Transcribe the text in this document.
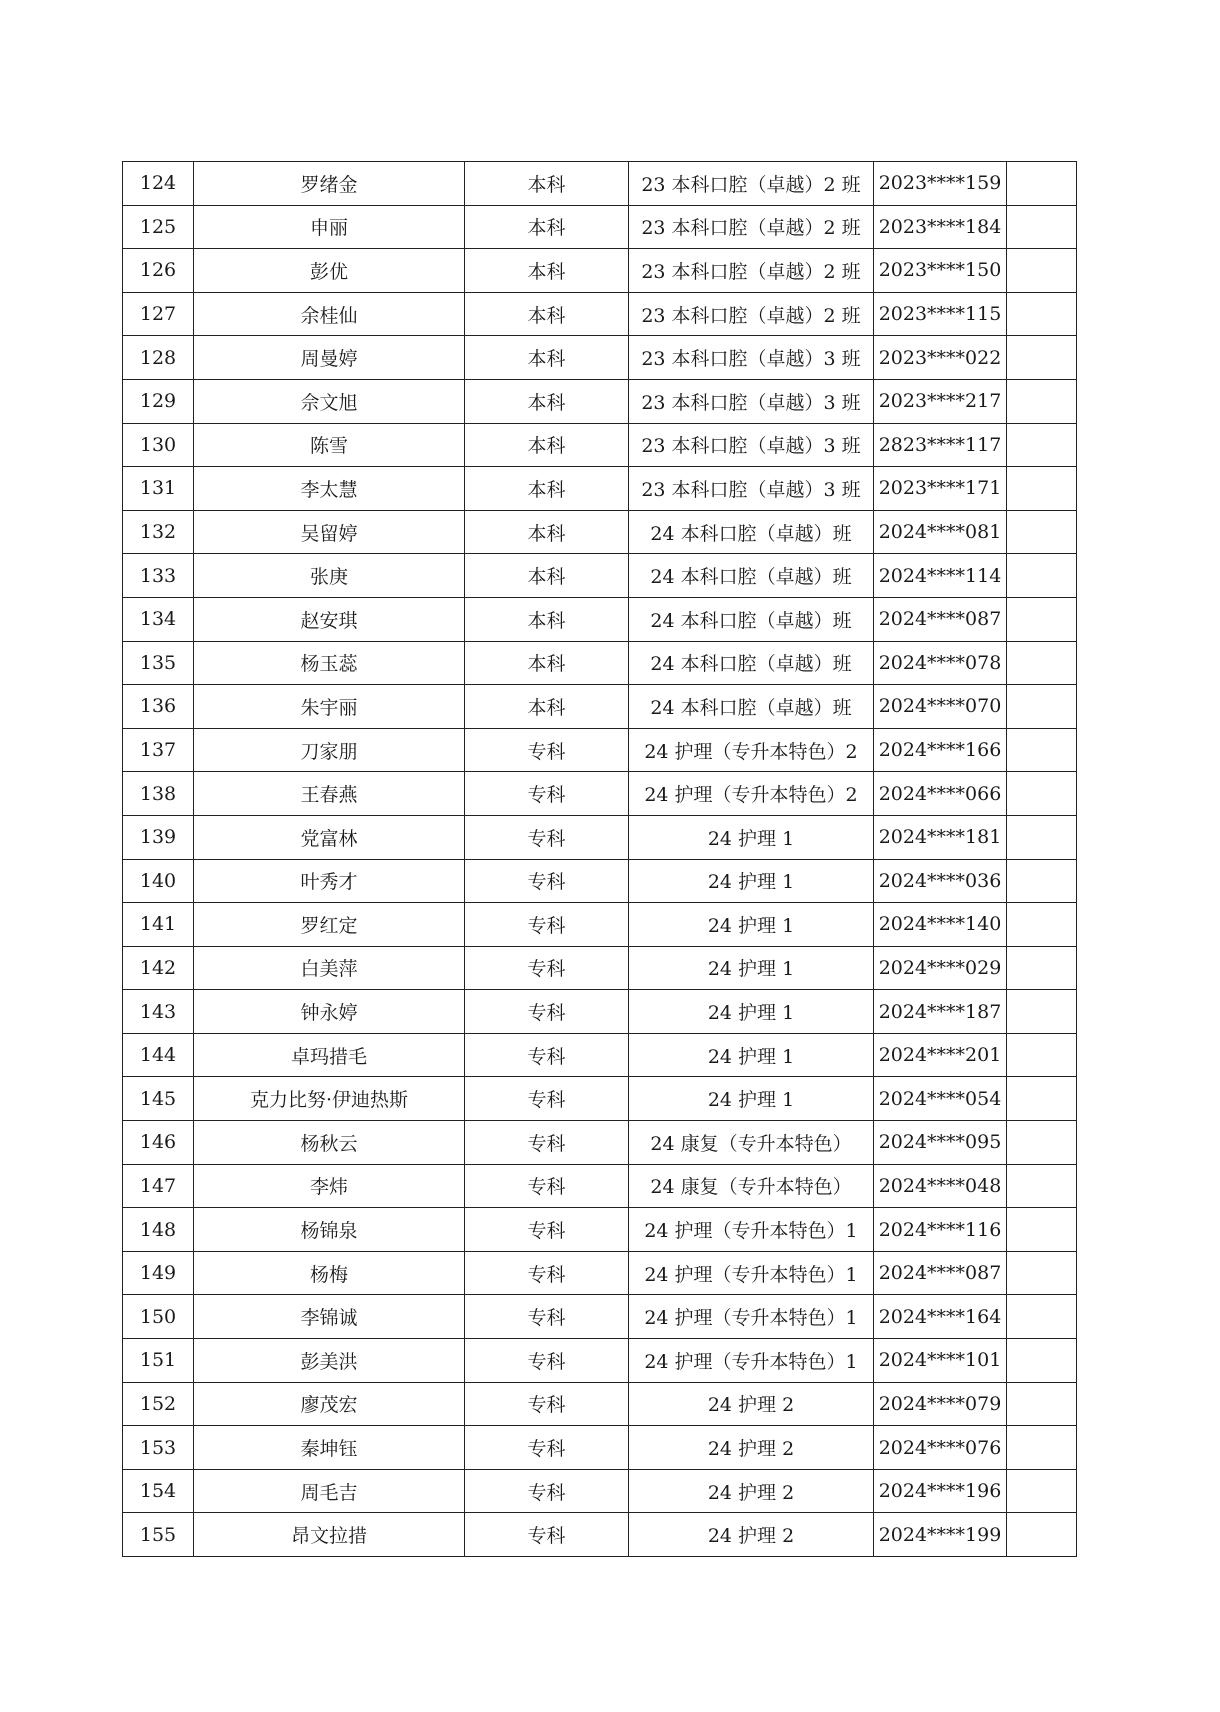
124	罗绪金	本科	23 本科口腔（卓越）2 班	2023****159	
125	申丽	本科	23 本科口腔（卓越）2 班	2023****184	
126	彭优	本科	23 本科口腔（卓越）2 班	2023****150	
127	余桂仙	本科	23 本科口腔（卓越）2 班	2023****115	
128	周曼婷	本科	23 本科口腔（卓越）3 班	2023****022	
129	佘文旭	本科	23 本科口腔（卓越）3 班	2023****217	
130	陈雪	本科	23 本科口腔（卓越）3 班	2823****117	
131	李太慧	本科	23 本科口腔（卓越）3 班	2023****171	
132	吴留婷	本科	24 本科口腔（卓越）班	2024****081	
133	张庚	本科	24 本科口腔（卓越）班	2024****114	
134	赵安琪	本科	24 本科口腔（卓越）班	2024****087	
135	杨玉蕊	本科	24 本科口腔（卓越）班	2024****078	
136	朱宇丽	本科	24 本科口腔（卓越）班	2024****070	
137	刀家朋	专科	24 护理（专升本特色）2	2024****166	
138	王春燕	专科	24 护理（专升本特色）2	2024****066	
139	党富林	专科	24 护理 1	2024****181	
140	叶秀才	专科	24 护理 1	2024****036	
141	罗红定	专科	24 护理 1	2024****140	
142	白美萍	专科	24 护理 1	2024****029	
143	钟永婷	专科	24 护理 1	2024****187	
144	卓玛措毛	专科	24 护理 1	2024****201	
145	克力比努·伊迪热斯	专科	24 护理 1	2024****054	
146	杨秋云	专科	24 康复（专升本特色）	2024****095	
147	李炜	专科	24 康复（专升本特色）	2024****048	
148	杨锦泉	专科	24 护理（专升本特色）1	2024****116	
149	杨梅	专科	24 护理（专升本特色）1	2024****087	
150	李锦诚	专科	24 护理（专升本特色）1	2024****164	
151	彭美洪	专科	24 护理（专升本特色）1	2024****101	
152	廖茂宏	专科	24 护理 2	2024****079	
153	秦坤钰	专科	24 护理 2	2024****076	
154	周毛吉	专科	24 护理 2	2024****196	
155	昂文拉措	专科	24 护理 2	2024****199	
